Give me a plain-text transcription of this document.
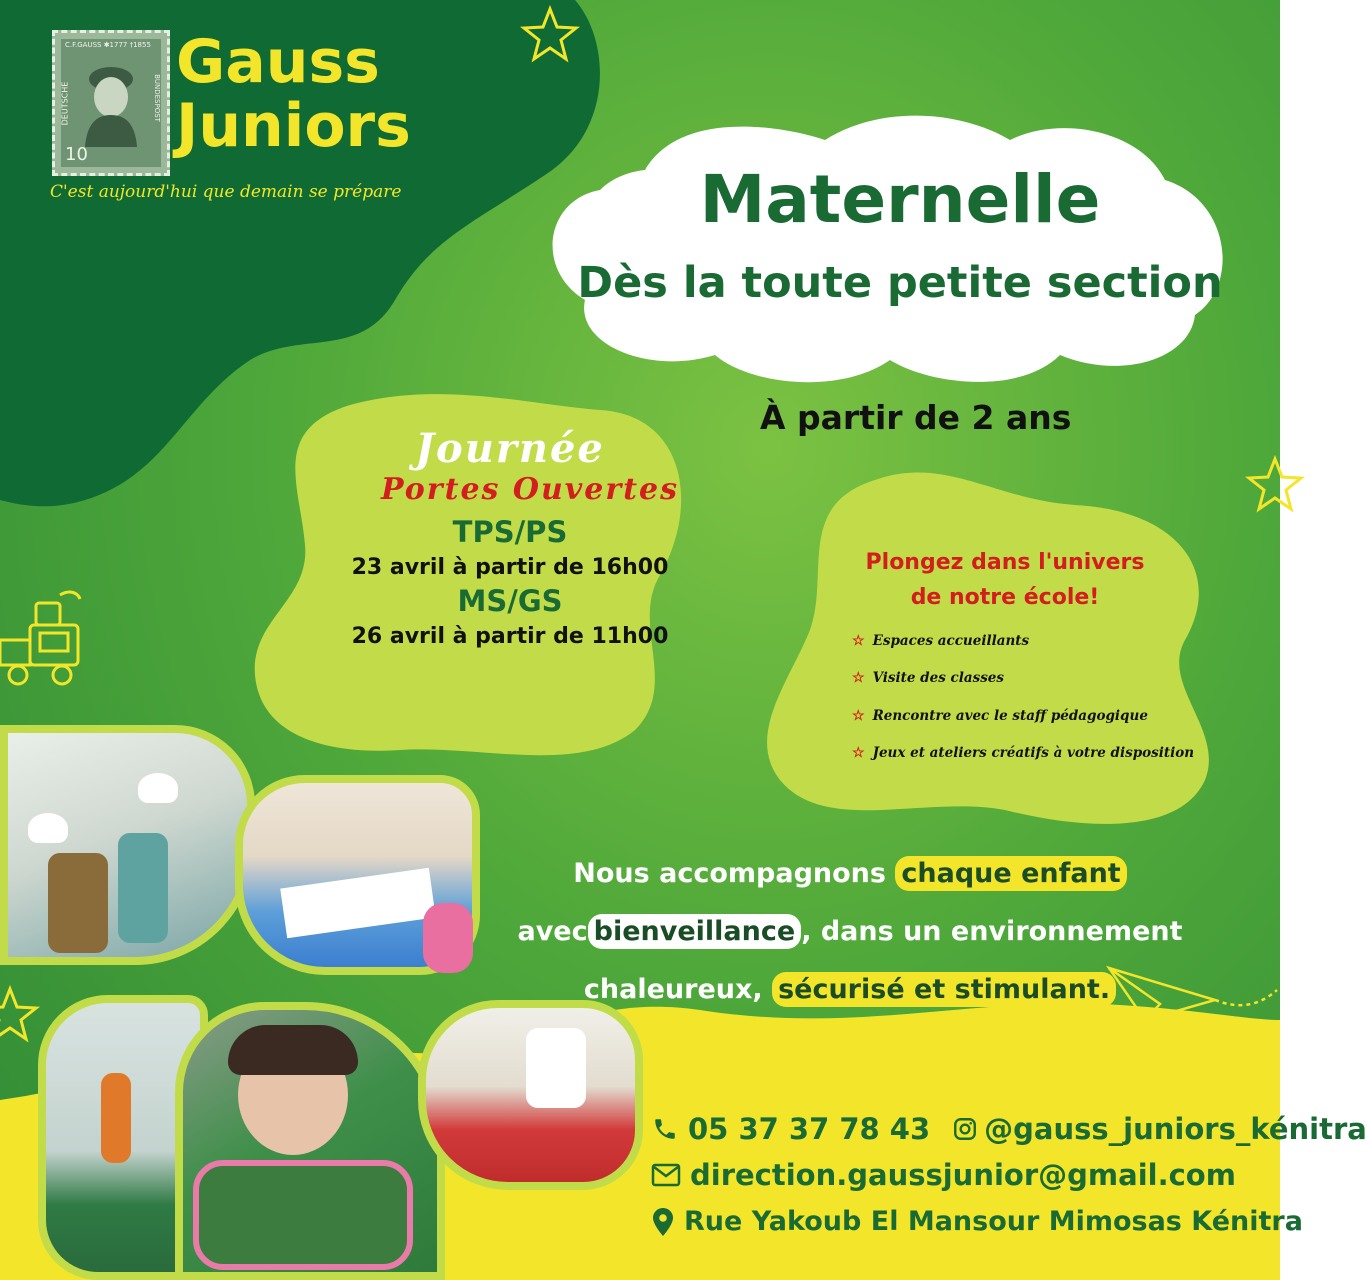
C.F.GAUSS ✱1777 †1855
DEUTSCHE	BUNDESPOST
10
Gauss
Juniors
C'est aujourd'hui que demain se prépare	Maternelle
Dès la toute petite section
À partir de 2 ans
Journée
Portes Ouvertes
TPS/PS
23 avril à partir de 16h00
MS/GS
26 avril à partir de 11h00
Plongez dans l'univers
de notre école!
☆ Espaces accueillants
☆ Visite des classes
☆ Rencontre avec le staff pédagogique
☆ Jeux et ateliers créatifs à votre disposition

Nous accompagnons chaque enfant

avec bienveillance , dans un environnement

chaleureux, sécurisé et stimulant.

05 37 37 78 43 @gauss_juniors_kénitra
direction.gaussjunior@gmail.com
Rue Yakoub El Mansour Mimosas Kénitra
